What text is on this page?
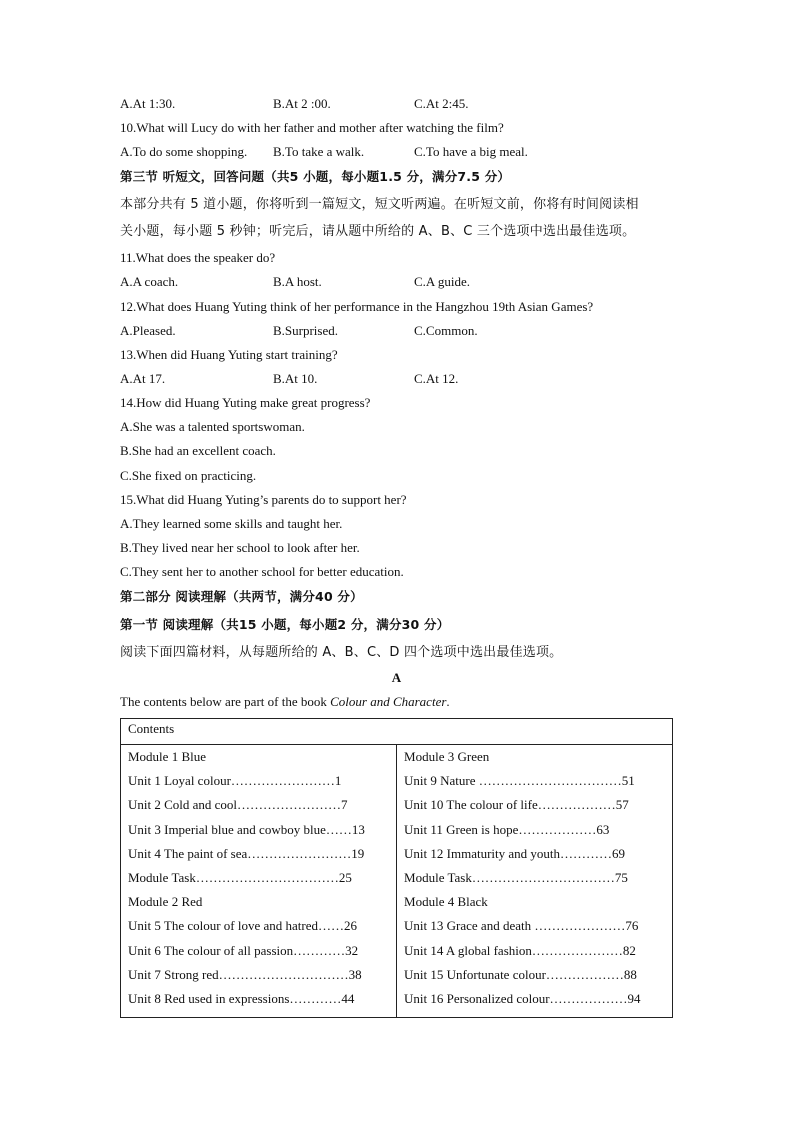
A.At 1:30.	B.At 2 :00.	C.At 2:45.
10.What will Lucy do with her father and mother after watching the film?
A.To do some shopping. B.To take a walk.	C.To have a big meal.
第三节 听短文，回答问题（共5 小题，每小题1.5 分，满分7.5 分）
本部分共有 5 道小题，你将听到一篇短文，短文听两遍。在听短文前，你将有时间阅读相
关小题，每小题 5 秒钟；听完后，请从题中所给的 A、B、C 三个选项中选出最佳选项。
11.What does the speaker do?
A.A coach.	B.A host.	C.A guide.
12.What does Huang Yuting think of her performance in the Hangzhou 19th Asian Games?
A.Pleased.	B.Surprised.	C.Common.
13.When did Huang Yuting start training?
A.At 17.	B.At 10.	C.At 12.
14.How did Huang Yuting make great progress?
A.She was a talented sportswoman.
B.She had an excellent coach.
C.She fixed on practicing.
15.What did Huang Yuting’s parents do to support her?
A.They learned some skills and taught her.
B.They lived near her school to look after her.
C.They sent her to another school for better education.
第二部分 阅读理解（共两节，满分40 分）
第一节 阅读理解（共15 小题，每小题2 分，满分30 分）
阅读下面四篇材料，从每题所给的 A、B、C、D 四个选项中选出最佳选项。
A
The contents below are part of the book Colour and Character.
Contents

Module 1 Blue
Unit 1 Loyal colour……………………1
Unit 2 Cold and cool……………………7
Unit 3 Imperial blue and cowboy blue……13
Unit 4 The paint of sea……………………19
Module Task……………………………25
Module 2 Red
Unit 5 The colour of love and hatred……26
Unit 6 The colour of all passion…………32
Unit 7 Strong red…………………………38
Unit 8 Red used in expressions…………44

Module 3 Green
Unit 9 Nature ……………………………51
Unit 10 The colour of life………………57
Unit 11 Green is hope………………63
Unit 12 Immaturity and youth…………69
Module Task……………………………75
Module 4 Black
Unit 13 Grace and death …………………76
Unit 14 A global fashion…………………82
Unit 15 Unfortunate colour………………88
Unit 16 Personalized colour………………94
